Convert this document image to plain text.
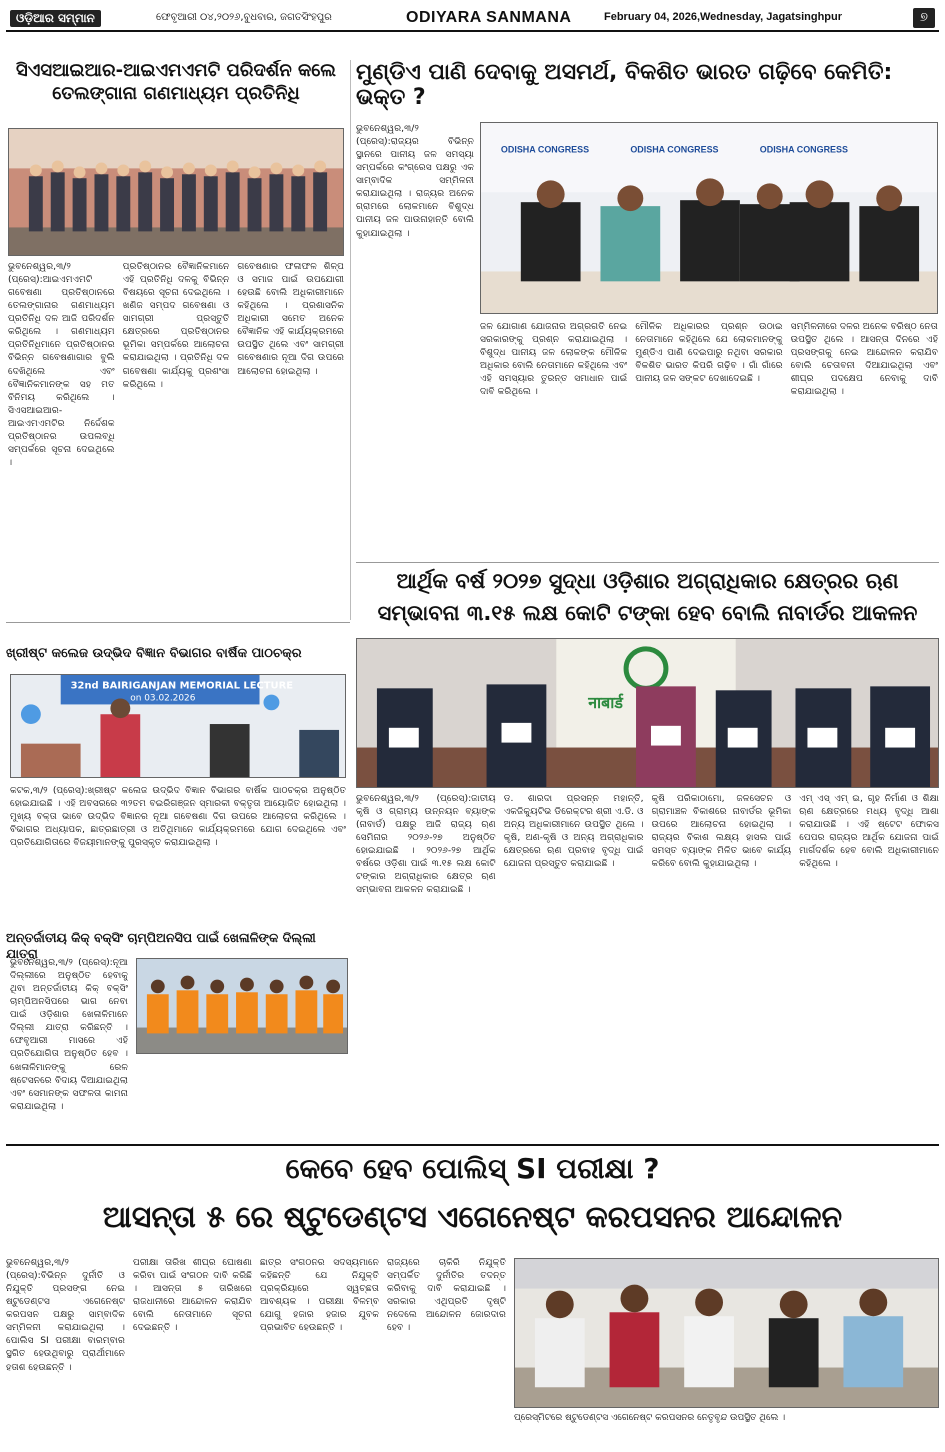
ଓଡ଼ିଆର ସମ୍ମାନ	ଫେବୃଆରୀ ୦୪,୨୦୨୬,ବୁଧବାର, ଜଗତସିଂହପୁର	ODIYARA SANMANA	February 04, 2026,Wednesday, Jagatsinghpur	୭
ସିଏସଆଇଆର-ଆଇଏମଏମଟି ପରିଦର୍ଶନ କଲେ ତେଲଙ୍ଗାନା ଗଣମାଧ୍ୟମ ପ୍ରତିନିଧି
ଭୁବନେଶ୍ୱର,୩/୨ (ପ୍ରେସ୍):ଆଇଏମଏମଟି ଗବେଷଣା ପ୍ରତିଷ୍ଠାନରେ ତେଲଙ୍ଗାନାର ଗଣମାଧ୍ୟମ ପ୍ରତିନିଧି ଦଳ ଆଜି ପରିଦର୍ଶନ କରିଥିଲେ । ଗଣମାଧ୍ୟମ ପ୍ରତିନିଧିମାନେ ପ୍ରତିଷ୍ଠାନର ବିଭିନ୍ନ ଗବେଷଣାଗାର ବୁଲି ଦେଖିଥିଲେ ଏବଂ ବୈଜ୍ଞାନିକମାନଙ୍କ ସହ ମତ ବିନିମୟ କରିଥିଲେ । ସିଏସଆଇଆର-ଆଇଏମଏମଟିର ନିର୍ଦ୍ଦେଶକ ପ୍ରତିଷ୍ଠାନର ଉପଲବ୍ଧି ସମ୍ପର୍କରେ ସୂଚନା ଦେଇଥିଲେ ।
ପ୍ରତିଷ୍ଠାନର ବୈଜ୍ଞାନିକମାନେ ଏହି ପ୍ରତିନିଧି ଦଳକୁ ବିଭିନ୍ନ ବିଷୟରେ ସୂଚନା ଦେଇଥିଲେ । ଖଣିଜ ସମ୍ପଦ ଗବେଷଣା ଓ ସାମଗ୍ରୀ ପ୍ରସ୍ତୁତି କ୍ଷେତ୍ରରେ ପ୍ରତିଷ୍ଠାନର ଭୂମିକା ସମ୍ପର୍କରେ ଆଲୋଚନା କରାଯାଇଥିଲା । ପ୍ରତିନିଧି ଦଳ ଗବେଷଣା କାର୍ଯ୍ୟକୁ ପ୍ରଶଂସା କରିଥିଲେ ।
ଗବେଷଣାର ଫଳାଫଳ ଶିଳ୍ପ ଓ ସମାଜ ପାଇଁ ଉପଯୋଗୀ ହେଉଛି ବୋଲି ଅଧିକାରୀମାନେ କହିଥିଲେ । ପ୍ରଶାସନିକ ଅଧିକାରୀ ସମେତ ଅନେକ ବୈଜ୍ଞାନିକ ଏହି କାର୍ଯ୍ୟକ୍ରମରେ ଉପସ୍ଥିତ ଥିଲେ ଏବଂ ସାମଗ୍ରୀ ଗବେଷଣାର ନୂଆ ଦିଗ ଉପରେ ଆଲୋଚନା ହୋଇଥିଲା ।
ମୁଣ୍ଡିଏ ପାଣି ଦେବାକୁ ଅସମର୍ଥ, ବିକଶିତ ଭାରତ ଗଢ଼ିବେ କେମିତି: ଭକ୍ତ ?
ODISHA CONGRESS	ODISHA CONGRESS	ODISHA CONGRESS
ଭୁବନେଶ୍ୱର,୩/୨ (ପ୍ରେସ୍):ରାଜ୍ୟର ବିଭିନ୍ନ ସ୍ଥାନରେ ପାନୀୟ ଜଳ ସମସ୍ୟା ସମ୍ପର୍କରେ କଂଗ୍ରେସ ପକ୍ଷରୁ ଏକ ସାମ୍ବାଦିକ ସମ୍ମିଳନୀ କରାଯାଇଥିଲା । ରାଜ୍ୟର ଅନେକ ଗ୍ରାମରେ ଲୋକମାନେ ବିଶୁଦ୍ଧ ପାନୀୟ ଜଳ ପାଉନାହାନ୍ତି ବୋଲି କୁହାଯାଇଥିଲା ।
ଜଳ ଯୋଗାଣ ଯୋଜନାର ଅଗ୍ରଗତି ନେଇ ସରକାରଙ୍କୁ ପ୍ରଶ୍ନ କରାଯାଇଥିଲା । ବିଶୁଦ୍ଧ ପାନୀୟ ଜଳ ଲୋକଙ୍କ ମୌଳିକ ଅଧିକାର ବୋଲି ନେତାମାନେ କହିଥିଲେ ଏବଂ ଏହି ସମସ୍ୟାର ତୁରନ୍ତ ସମାଧାନ ପାଇଁ ଦାବି କରିଥିଲେ ।
ମୌଳିକ ଅଧିକାରର ପ୍ରଶ୍ନ ଉଠାଇ ନେତାମାନେ କହିଥିଲେ ଯେ ଲୋକମାନଙ୍କୁ ମୁଣ୍ଡିଏ ପାଣି ଦେଇପାରୁ ନଥିବା ସରକାର ବିକଶିତ ଭାରତ କିପରି ଗଢ଼ିବ । ଗାଁ ଗାଁରେ ପାନୀୟ ଜଳ ସଙ୍କଟ ଦେଖାଦେଇଛି ।
ସମ୍ମିଳନୀରେ ଦଳର ଅନେକ ବରିଷ୍ଠ ନେତା ଉପସ୍ଥିତ ଥିଲେ । ଆସନ୍ତା ଦିନରେ ଏହି ପ୍ରସଙ୍ଗକୁ ନେଇ ଆନ୍ଦୋଳନ କରାଯିବ ବୋଲି ଚେତାବନୀ ଦିଆଯାଇଥିଲା ଏବଂ ଶୀଘ୍ର ପଦକ୍ଷେପ ନେବାକୁ ଦାବି କରାଯାଇଥିଲା ।
ଆର୍ଥିକ ବର୍ଷ ୨୦୨୭ ସୁଦ୍ଧା ଓଡ଼ିଶାର ଅଗ୍ରାଧିକାର କ୍ଷେତ୍ରର ଋଣ ସମ୍ଭାବନା ୩.୧୫ ଲକ୍ଷ କୋଟି ଟଙ୍କା ହେବ ବୋଲି ନାବାର୍ଡର ଆକଳନ
नाबार्ड
ଭୁବନେଶ୍ୱର,୩/୨ (ପ୍ରେସ୍):ଜାତୀୟ କୃଷି ଓ ଗ୍ରାମ୍ୟ ଉନ୍ନୟନ ବ୍ୟାଙ୍କ (ନାବାର୍ଡ) ପକ୍ଷରୁ ଆଜି ରାଜ୍ୟ ଋଣ ସେମିନାର ୨୦୨୬-୨୭ ଅନୁଷ୍ଠିତ ହୋଇଯାଇଛି । ୨୦୨୬-୨୭ ଆର୍ଥିକ ବର୍ଷରେ ଓଡ଼ିଶା ପାଇଁ ୩.୧୫ ଲକ୍ଷ କୋଟି ଟଙ୍କାର ଅଗ୍ରାଧିକାର କ୍ଷେତ୍ର ଋଣ ସମ୍ଭାବନା ଆକଳନ କରାଯାଇଛି ।
ଡ. ଶାରଦା ପ୍ରସନ୍ନ ମହାନ୍ତି, ଏକଜିକ୍ୟୁଟିଭ ଡିରେକ୍ଟର ଶ୍ରୀ ଏ.ଡି. ଓ ଅନ୍ୟ ଅଧିକାରୀମାନେ ଉପସ୍ଥିତ ଥିଲେ । କୃଷି, ଅଣ-କୃଷି ଓ ଅନ୍ୟ ଅଗ୍ରାଧିକାର କ୍ଷେତ୍ରରେ ଋଣ ପ୍ରବାହ ବୃଦ୍ଧି ପାଇଁ ଯୋଜନା ପ୍ରସ୍ତୁତ କରାଯାଇଛି ।
କୃଷି ପରିକାଠାମୋ, ଜଳସେଚନ ଓ ଗ୍ରାମାଞ୍ଚଳ ବିକାଶରେ ନାବାର୍ଡର ଭୂମିକା ଉପରେ ଆଲୋଚନା ହୋଇଥିଲା । ରାଜ୍ୟର ବିକାଶ ଲକ୍ଷ୍ୟ ହାସଲ ପାଇଁ ସମସ୍ତ ବ୍ୟାଙ୍କ ମିଳିତ ଭାବେ କାର୍ଯ୍ୟ କରିବେ ବୋଲି କୁହାଯାଇଥିଲା ।
ଏମ୍ ଏସ୍ ଏମ୍ ଇ, ଗୃହ ନିର୍ମାଣ ଓ ଶିକ୍ଷା ଋଣ କ୍ଷେତ୍ରରେ ମଧ୍ୟ ବୃଦ୍ଧି ଆଶା କରାଯାଉଛି । ଏହି ଷ୍ଟେଟ ଫୋକସ ପେପର ରାଜ୍ୟର ଆର୍ଥିକ ଯୋଜନା ପାଇଁ ମାର୍ଗଦର୍ଶକ ହେବ ବୋଲି ଅଧିକାରୀମାନେ କହିଥିଲେ ।
ଖ୍ରୀଷ୍ଟ କଲେଜ ଉଦ୍ଭିଦ ବିଜ୍ଞାନ ବିଭାଗର ବାର୍ଷିକ ପାଠଚକ୍ର
32nd BAIRIGANJAN MEMORIAL LECTURE
on 03.02.2026
କଟକ,୩/୨ (ପ୍ରେସ୍):ଖ୍ରୀଷ୍ଟ କଲେଜ ଉଦ୍ଭିଦ ବିଜ୍ଞାନ ବିଭାଗର ବାର୍ଷିକ ପାଠଚକ୍ର ଅନୁଷ୍ଠିତ ହୋଇଯାଇଛି । ଏହି ଅବସରରେ ୩୨ତମ ବଇରିଗଞ୍ଜନ ସ୍ମାରକୀ ବକ୍ତୃତା ଆୟୋଜିତ ହୋଇଥିଲା । ମୁଖ୍ୟ ବକ୍ତା ଭାବେ ଉଦ୍ଭିଦ ବିଜ୍ଞାନର ନୂଆ ଗବେଷଣା ଦିଗ ଉପରେ ଆଲୋଚନା କରିଥିଲେ । ବିଭାଗର ଅଧ୍ୟାପକ, ଛାତ୍ରଛାତ୍ରୀ ଓ ଅତିଥିମାନେ କାର୍ଯ୍ୟକ୍ରମରେ ଯୋଗ ଦେଇଥିଲେ ଏବଂ ପ୍ରତିଯୋଗିତାରେ ବିଜୟୀମାନଙ୍କୁ ପୁରସ୍କୃତ କରାଯାଇଥିଲା ।
ଅନ୍ତର୍ଜାତୀୟ କିକ୍ ବକ୍ସିଂ ଚାମ୍ପିଅନସିପ ପାଇଁ ଖେଳାଳିଙ୍କ ଦିଲ୍ଲୀ ଯାତ୍ରା
ଭୁବନେଶ୍ୱର,୩/୨ (ପ୍ରେସ୍):ନୂଆ ଦିଲ୍ଲୀରେ ଅନୁଷ୍ଠିତ ହେବାକୁ ଥିବା ଅନ୍ତର୍ଜାତୀୟ କିକ୍ ବକ୍ସିଂ ଚାମ୍ପିଅନସିପରେ ଭାଗ ନେବା ପାଇଁ ଓଡ଼ିଶାର ଖେଳାଳିମାନେ ଦିଲ୍ଲୀ ଯାତ୍ରା କରିଛନ୍ତି । ଫେବୃଆରୀ ମାସରେ ଏହି ପ୍ରତିଯୋଗିତା ଅନୁଷ୍ଠିତ ହେବ । ଖେଳାଳିମାନଙ୍କୁ ରେଳ ଷ୍ଟେସନରେ ବିଦାୟ ଦିଆଯାଇଥିଲା ଏବଂ ସେମାନଙ୍କ ସଫଳତା କାମନା କରାଯାଇଥିଲା ।
କେବେ ହେବ ପୋଲିସ୍ SI ପରୀକ୍ଷା ?
ଆସନ୍ତା ୫ ରେ ଷ୍ଟୁଡେଣ୍ଟସ ଏଗେନେଷ୍ଟ କରପସନର ଆନ୍ଦୋଳନ
ଭୁବନେଶ୍ୱର,୩/୨ (ପ୍ରେସ୍):ବିଭିନ୍ନ ଦୁର୍ନୀତି ଓ ନିଯୁକ୍ତି ପ୍ରସଙ୍ଗ ନେଇ ଷ୍ଟୁଡେଣ୍ଟସ ଏଗେନେଷ୍ଟ କରପସନ ପକ୍ଷରୁ ସାମ୍ବାଦିକ ସମ୍ମିଳନୀ କରାଯାଇଥିଲା । ପୋଲିସ SI ପରୀକ୍ଷା ବାରମ୍ବାର ସ୍ଥଗିତ ହେଉଥିବାରୁ ପ୍ରାର୍ଥୀମାନେ ହତାଶ ହେଉଛନ୍ତି ।
ପରୀକ୍ଷା ତାରିଖ ଶୀଘ୍ର ଘୋଷଣା କରିବା ପାଇଁ ସଂଗଠନ ଦାବି କରିଛି । ଆସନ୍ତା ୫ ତାରିଖରେ ରାଜଧାନୀରେ ଆନ୍ଦୋଳନ କରାଯିବ ବୋଲି ନେତାମାନେ ସୂଚନା ଦେଇଛନ୍ତି ।
ଛାତ୍ର ସଂଗଠନର ସଦସ୍ୟମାନେ କହିଛନ୍ତି ଯେ ନିଯୁକ୍ତି ପ୍ରକ୍ରିୟାରେ ସ୍ୱଚ୍ଛତା ଆବଶ୍ୟକ । ପରୀକ୍ଷା ବିଳମ୍ବ ଯୋଗୁ ହଜାର ହଜାର ଯୁବକ ପ୍ରଭାବିତ ହେଉଛନ୍ତି ।
ରାଜ୍ୟରେ ଚାକିରି ନିଯୁକ୍ତି ସମ୍ପର୍କିତ ଦୁର୍ନୀତିର ତଦନ୍ତ କରିବାକୁ ଦାବି କରାଯାଇଛି । ସରକାର ଏଥିପ୍ରତି ଦୃଷ୍ଟି ନଦେଲେ ଆନ୍ଦୋଳନ ଜୋରଦାର ହେବ ।
ପ୍ରେସ୍‌ମିଟରେ ଷ୍ଟୁଡେଣ୍ଟସ ଏଗେନେଷ୍ଟ କରପସନର ନେତୃବୃନ୍ଦ ଉପସ୍ଥିତ ଥିଲେ ।
